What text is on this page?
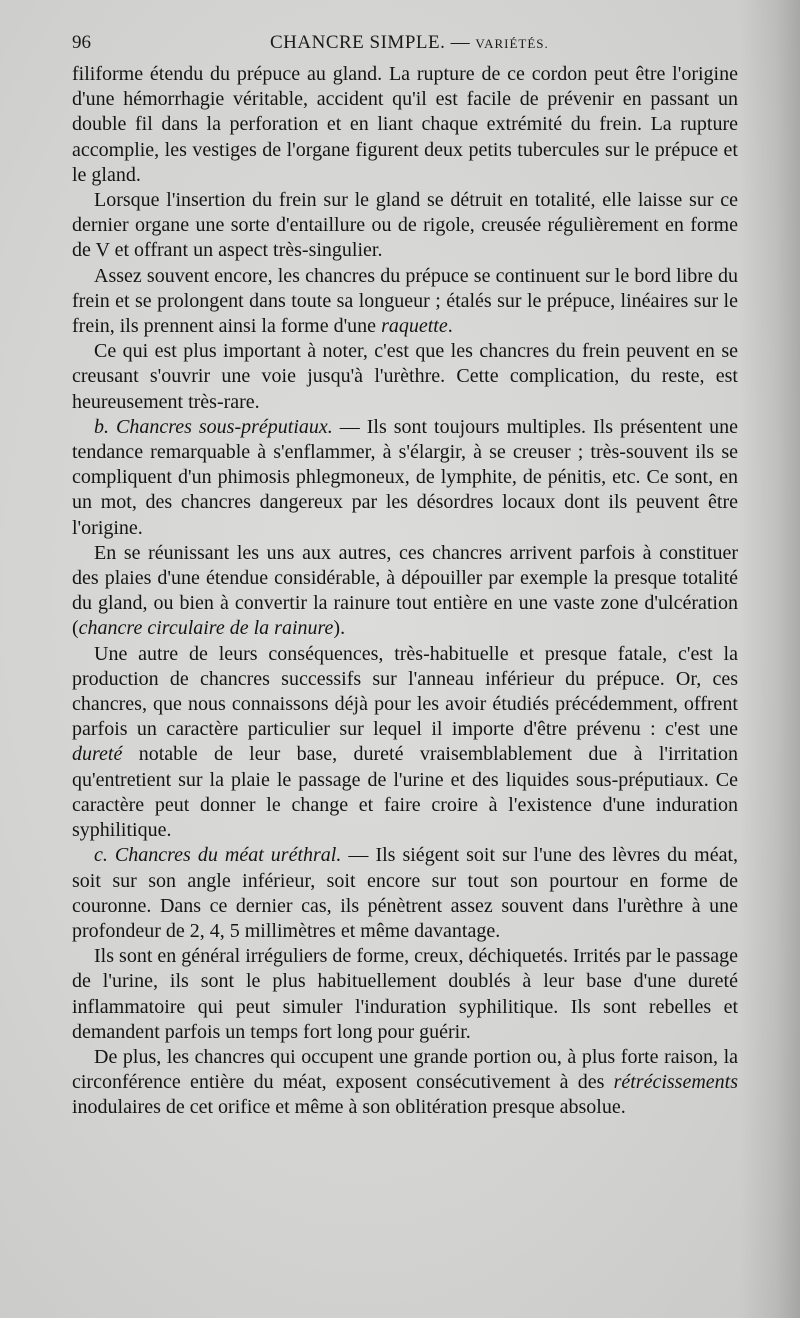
96	CHANCRE SIMPLE. — VARIÉTÉS.

filiforme étendu du prépuce au gland. La rupture de ce cordon peut être l'origine d'une hémorrhagie véritable, accident qu'il est facile de prévenir en passant un double fil dans la perforation et en liant chaque extrémité du frein. La rupture accomplie, les vestiges de l'organe figurent deux petits tubercules sur le prépuce et le gland.

Lorsque l'insertion du frein sur le gland se détruit en totalité, elle laisse sur ce dernier organe une sorte d'entaillure ou de rigole, creusée régulièrement en forme de V et offrant un aspect très-singulier.

Assez souvent encore, les chancres du prépuce se continuent sur le bord libre du frein et se prolongent dans toute sa longueur ; étalés sur le prépuce, linéaires sur le frein, ils prennent ainsi la forme d'une raquette.

Ce qui est plus important à noter, c'est que les chancres du frein peuvent en se creusant s'ouvrir une voie jusqu'à l'urèthre. Cette complication, du reste, est heureusement très-rare.

b. Chancres sous-préputiaux. — Ils sont toujours multiples. Ils présentent une tendance remarquable à s'enflammer, à s'élargir, à se creuser ; très-souvent ils se compliquent d'un phimosis phlegmoneux, de lymphite, de pénitis, etc. Ce sont, en un mot, des chancres dangereux par les désordres locaux dont ils peuvent être l'origine.

En se réunissant les uns aux autres, ces chancres arrivent parfois à constituer des plaies d'une étendue considérable, à dépouiller par exemple la presque totalité du gland, ou bien à convertir la rainure tout entière en une vaste zone d'ulcération (chancre circulaire de la rainure).

Une autre de leurs conséquences, très-habituelle et presque fatale, c'est la production de chancres successifs sur l'anneau inférieur du prépuce. Or, ces chancres, que nous connaissons déjà pour les avoir étudiés précédemment, offrent parfois un caractère particulier sur lequel il importe d'être prévenu : c'est une dureté notable de leur base, dureté vraisemblablement due à l'irritation qu'entretient sur la plaie le passage de l'urine et des liquides sous-préputiaux. Ce caractère peut donner le change et faire croire à l'existence d'une induration syphilitique.

c. Chancres du méat uréthral. — Ils siégent soit sur l'une des lèvres du méat, soit sur son angle inférieur, soit encore sur tout son pourtour en forme de couronne. Dans ce dernier cas, ils pénètrent assez souvent dans l'urèthre à une profondeur de 2, 4, 5 millimètres et même davantage.

Ils sont en général irréguliers de forme, creux, déchiquetés. Irrités par le passage de l'urine, ils sont le plus habituellement doublés à leur base d'une dureté inflammatoire qui peut simuler l'induration syphilitique. Ils sont rebelles et demandent parfois un temps fort long pour guérir.

De plus, les chancres qui occupent une grande portion ou, à plus forte raison, la circonférence entière du méat, exposent consécutivement à des rétrécissements inodulaires de cet orifice et même à son oblitération presque absolue.
